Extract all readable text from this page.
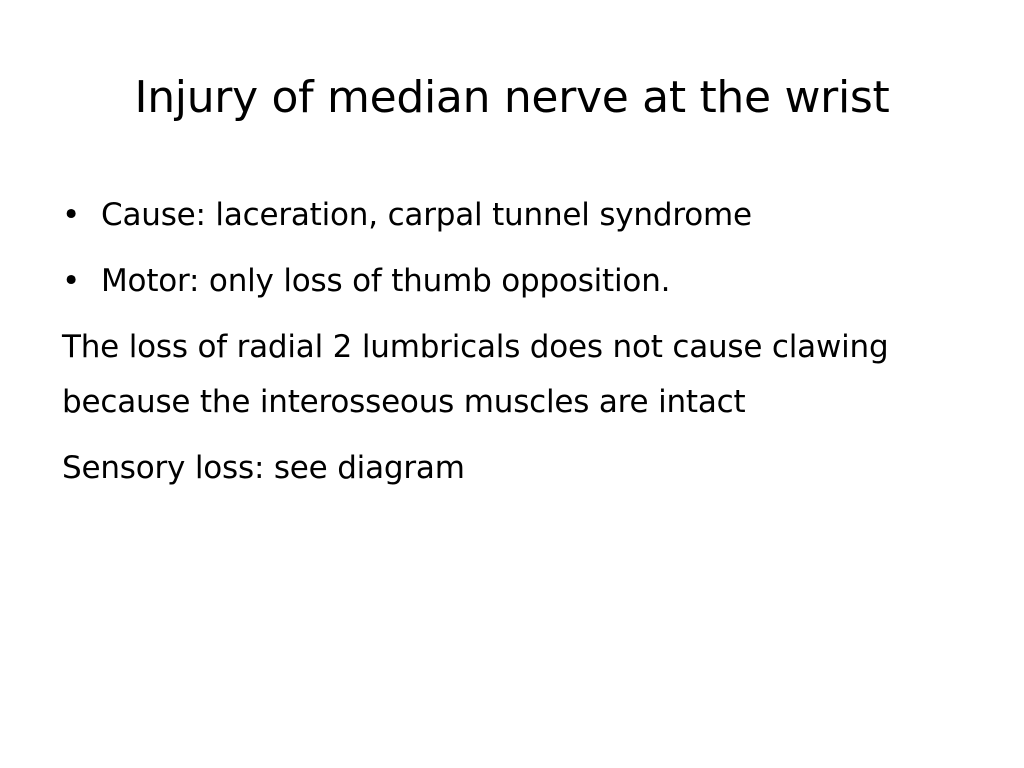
Injury of median nerve at the wrist
• Cause: laceration, carpal tunnel syndrome
• Motor: only loss of thumb opposition.

The loss of radial 2 lumbricals does not cause clawing because the interosseous muscles are intact

Sensory loss: see diagram
